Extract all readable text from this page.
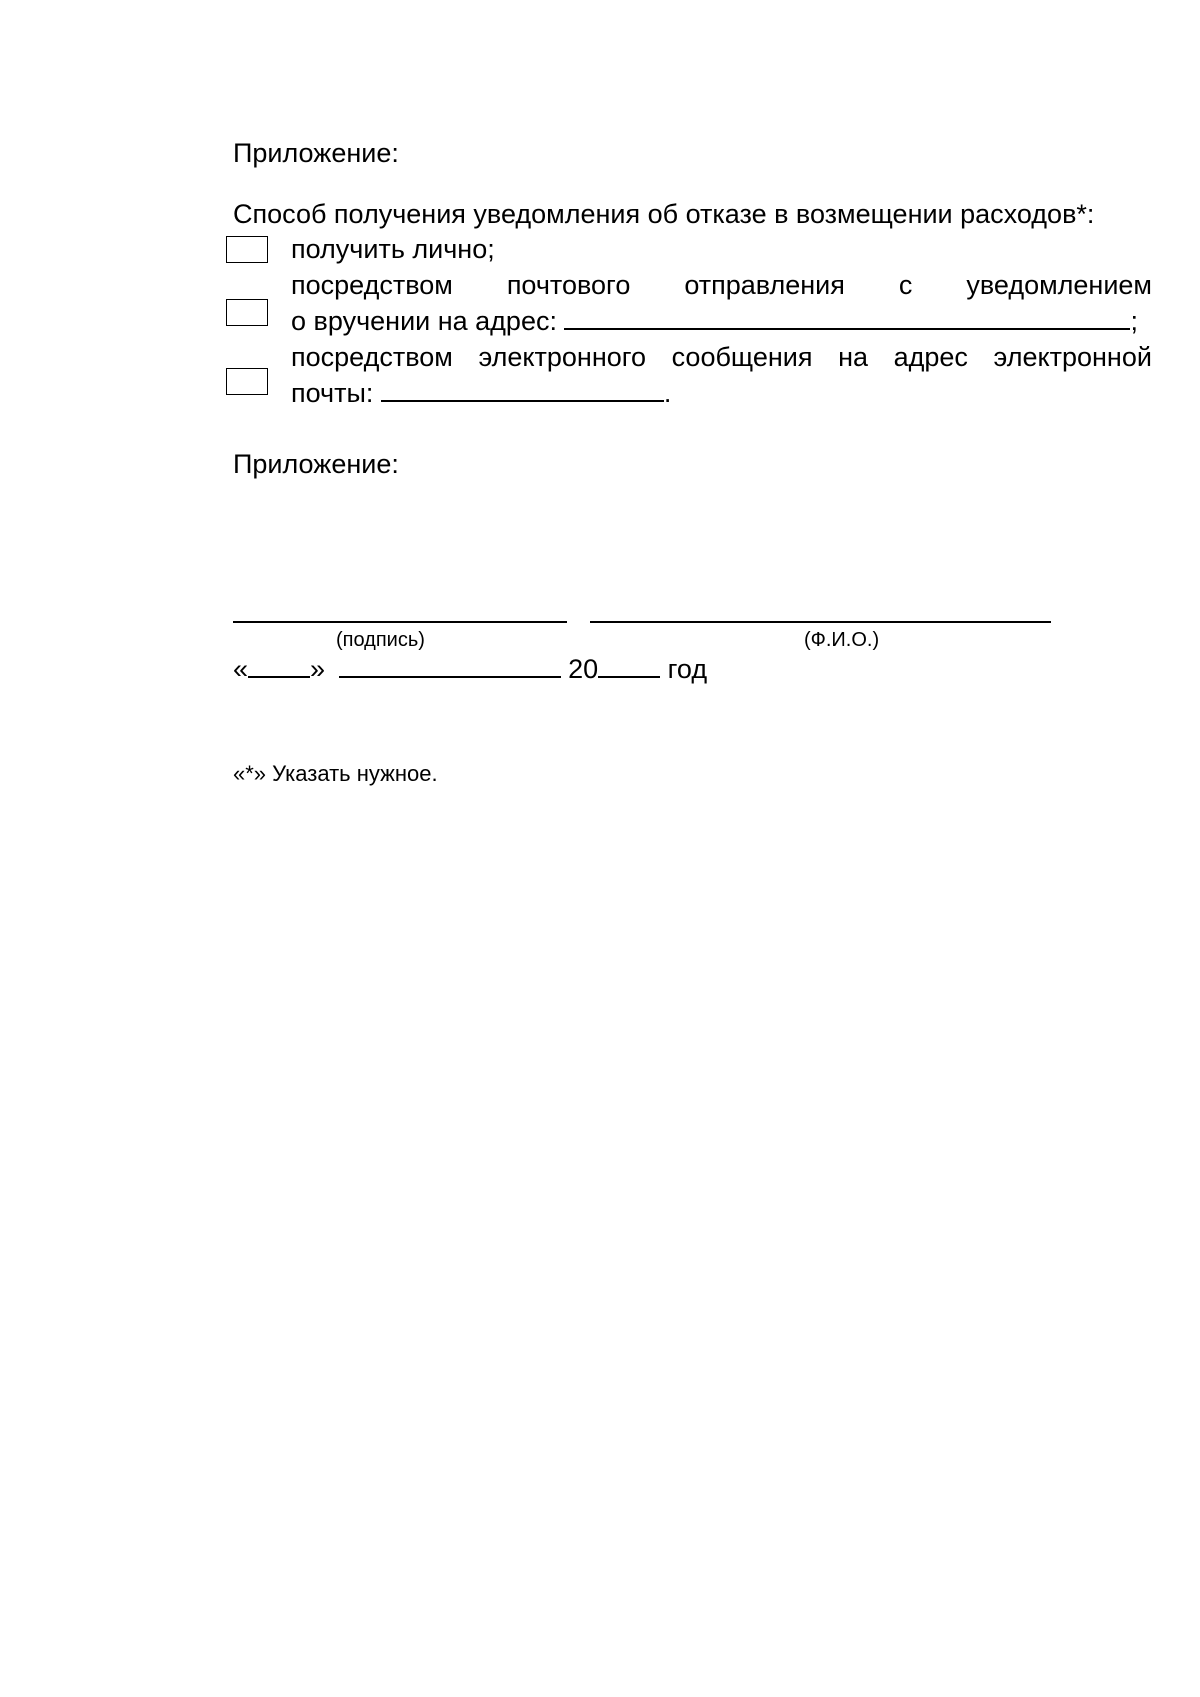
Приложение:
Способ получения уведомления об отказе в возмещении расходов*:
получить лично;
посредством почтового отправления с уведомлением
о вручении на адрес:	;
посредством электронного сообщения на адрес электронной
почты:	.
Приложение:
(подпись)	(Ф.И.О.)
« »	20	год
«*» Указать нужное.
